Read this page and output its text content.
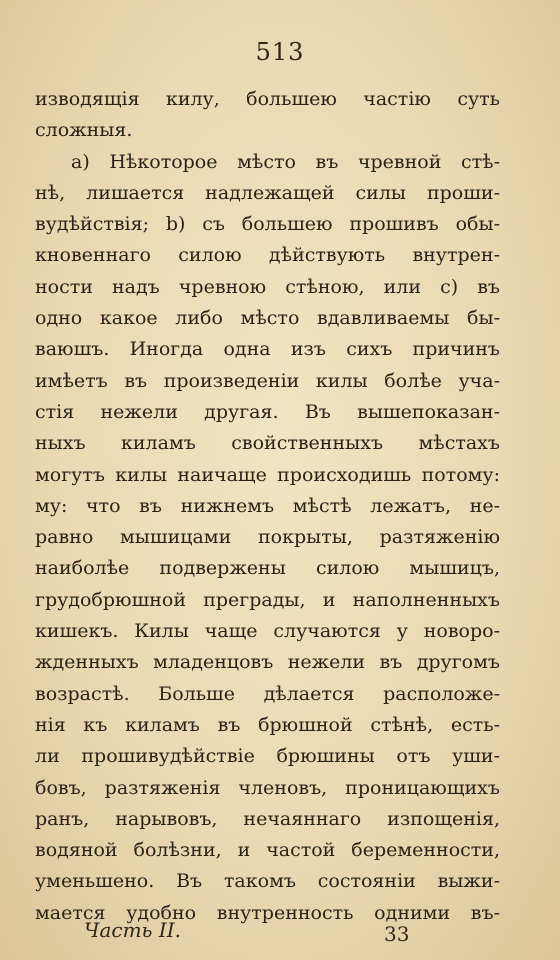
513
изводящія килу, большею частію суть
сложныя.
а) Нѣкоторое мѣсто въ чревной стѣ-
нѣ, лишается надлежащей силы проши-
вудѣйствія; b) съ большею прошивъ обы-
кновеннаго силою дѣйствують внутрен-
ности надъ чревною стѣною, или с) въ
одно какое либо мѣсто вдавливаемы бы-
ваюшъ. Иногда одна изъ сихъ причинъ
имѣетъ въ произведеніи килы болѣе уча-
стія нежели другая. Въ вышепоказан-
ныхъ киламъ свойственныхъ мѣстахъ
могутъ килы наичаще происходишь потому:
му: что въ нижнемъ мѣстѣ лежатъ, не-
равно мышицами покрыты, разтяженію
наиболѣе подвержены силою мышицъ,
грудобрюшной преграды, и наполненныхъ
кишекъ. Килы чаще случаются у новоро-
жденныхъ младенцовъ нежели въ другомъ
возрастѣ. Больше дѣлается расположе-
нія къ киламъ въ брюшной стѣнѣ, есть-
ли прошивудѣйствіе брюшины отъ уши-
бовъ, разтяженія членовъ, проницающихъ
ранъ, нарывовъ, нечаяннаго изпощенія,
водяной болѣзни, и частой беременности,
уменьшено. Въ такомъ состояніи выжи-
мается удобно внутренность одними въ-
Часть II.	33
